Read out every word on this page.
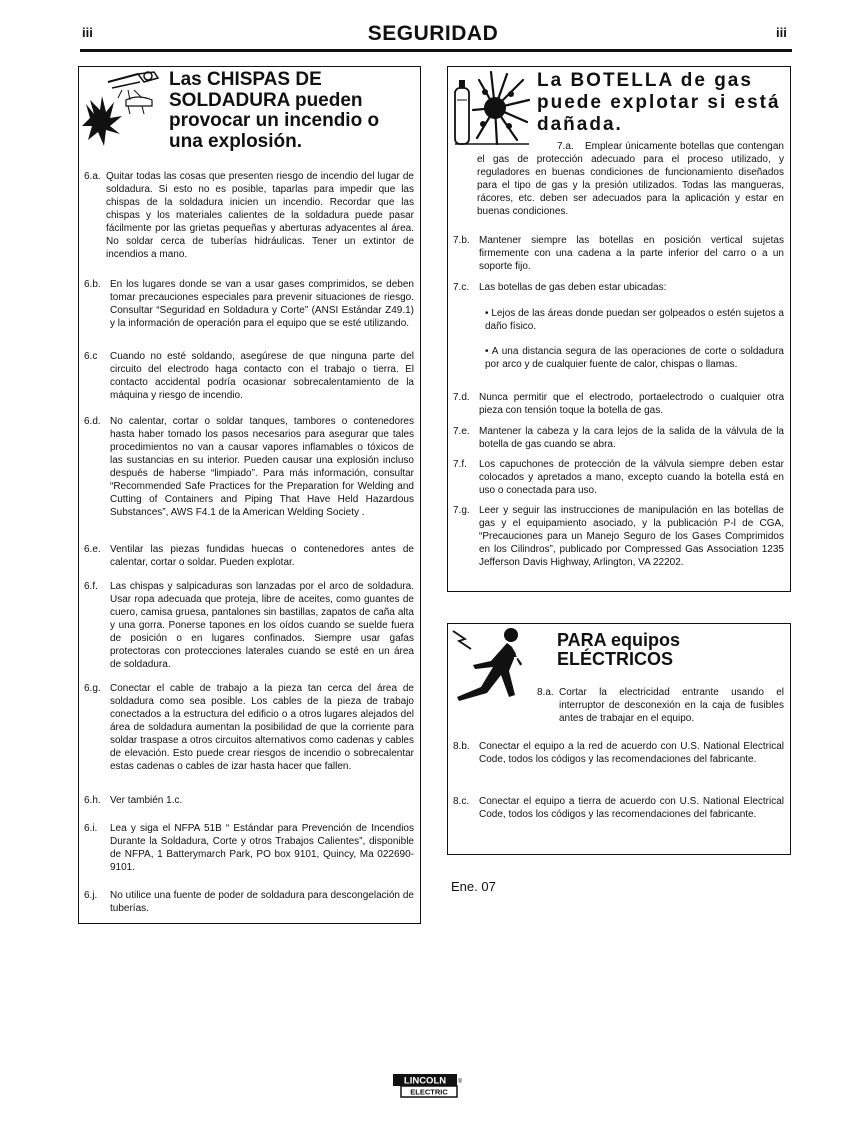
iii	SEGURIDAD	iii
Las CHISPAS DE
SOLDADURA pueden
provocar un incendio o
una explosión.
6.a. Quitar todas las cosas que presenten riesgo de incendio del lugar de soldadura. Si esto no es posible, taparlas para impedir que las chispas de la soldadura inicien un incendio. Recordar que las chispas y los materiales calientes de la soldadura puede pasar fácilmente por las grietas pequeñas y aberturas adyacentes al área. No soldar cerca de tuberías hidráulicas. Tener un extintor de incendios a mano.
6.b. En los lugares donde se van a usar gases comprimidos, se deben tomar precauciones especiales para prevenir situaciones de riesgo. Consultar “Seguridad en Soldadura y Corte” (ANSI Estándar Z49.1) y la información de operación para el equipo que se esté utilizando.
6.c	Cuando no esté soldando, asegúrese de que ninguna parte del circuito del electrodo haga contacto con el trabajo o tierra. El contacto accidental podría ocasionar sobrecalentamiento de la máquina y riesgo de incendio.
6.d. No calentar, cortar o soldar tanques, tambores o contenedores hasta haber tomado los pasos necesarios para asegurar que tales procedimientos no van a causar vapores inflamables o tóxicos de las sustancias en su interior. Pueden causar una explosión incluso después de haberse “limpiado”. Para más información, consultar “Recommended Safe Practices for the Preparation for Welding and Cutting of Containers and Piping That Have Held Hazardous Substances”, AWS F4.1 de la American Welding Society .
6.e. Ventilar las piezas fundidas huecas o contenedores antes de calentar, cortar o soldar. Pueden explotar.
6.f.	Las chispas y salpicaduras son lanzadas por el arco de soldadura. Usar ropa adecuada que proteja, libre de aceites, como guantes de cuero, camisa gruesa, pantalones sin bastillas, zapatos de caña alta y una gorra. Ponerse tapones en los oídos cuando se suelde fuera de posición o en lugares confinados. Siempre usar gafas protectoras con protecciones laterales cuando se esté en un área de soldadura.
6.g. Conectar el cable de trabajo a la pieza tan cerca del área de soldadura como sea posible. Los cables de la pieza de trabajo conectados a la estructura del edificio o a otros lugares alejados del área de soldadura aumentan la posibilidad de que la corriente para soldar traspase a otros circuitos alternativos como cadenas y cables de elevación. Esto puede crear riesgos de incendio o sobrecalentar estas cadenas o cables de izar hasta hacer que fallen.
6.h. Ver también 1.c.
6.i.	Lea y siga el NFPA 51B “ Estándar para Prevención de Incendios Durante la Soldadura, Corte y otros Trabajos Calientes”, disponible de NFPA, 1 Batterymarch Park, PO box 9101, Quincy, Ma 022690-9101.
6.j.	No utilice una fuente de poder de soldadura para descongelación de tuberías.
La BOTELLA de gas
puede explotar si está
dañada.
7.a.	Emplear únicamente botellas que contengan el gas de protección adecuado para el proceso utilizado, y reguladores en buenas condiciones de funcionamiento diseñados para el tipo de gas y la presión utilizados. Todas las mangueras, rácores, etc. deben ser adecuados para la aplicación y estar en buenas condiciones.
7.b. Mantener siempre las botellas en posición vertical sujetas firmemente con una cadena a la parte inferior del carro o a un soporte fijo.
7.c. Las botellas de gas deben estar ubicadas:
• Lejos de las áreas donde puedan ser golpeados o estén sujetos a daño físico.
• A una distancia segura de las operaciones de corte o soldadura por arco y de cualquier fuente de calor, chispas o llamas.
7.d. Nunca permitir que el electrodo, portaelectrodo o cualquier otra pieza con tensión toque la botella de gas.
7.e. Mantener la cabeza y la cara lejos de la salida de la válvula de la botella de gas cuando se abra.
7.f.	Los capuchones de protección de la válvula siempre deben estar colocados y apretados a mano, excepto cuando la botella está en uso o conectada para uso.
7.g. Leer y seguir las instrucciones de manipulación en las botellas de gas y el equipamiento asociado, y la publicación P-l de CGA, “Precauciones para un Manejo Seguro de los Gases Comprimidos en los Cilindros”, publicado por Compressed Gas Association 1235 Jefferson Davis Highway, Arlington, VA 22202.
PARA equipos
ELÉCTRICOS
8.a. Cortar la electricidad entrante usando el interruptor de desconexión en la caja de fusibles antes de trabajar en el equipo.
8.b. Conectar el equipo a la red de acuerdo con U.S. National Electrical Code, todos los códigos y las recomendaciones del fabricante.
8.c. Conectar el equipo a tierra de acuerdo con U.S. National Electrical Code, todos los códigos y las recomendaciones del fabricante.
Ene. 07
LINCOLN ®
ELECTRIC
